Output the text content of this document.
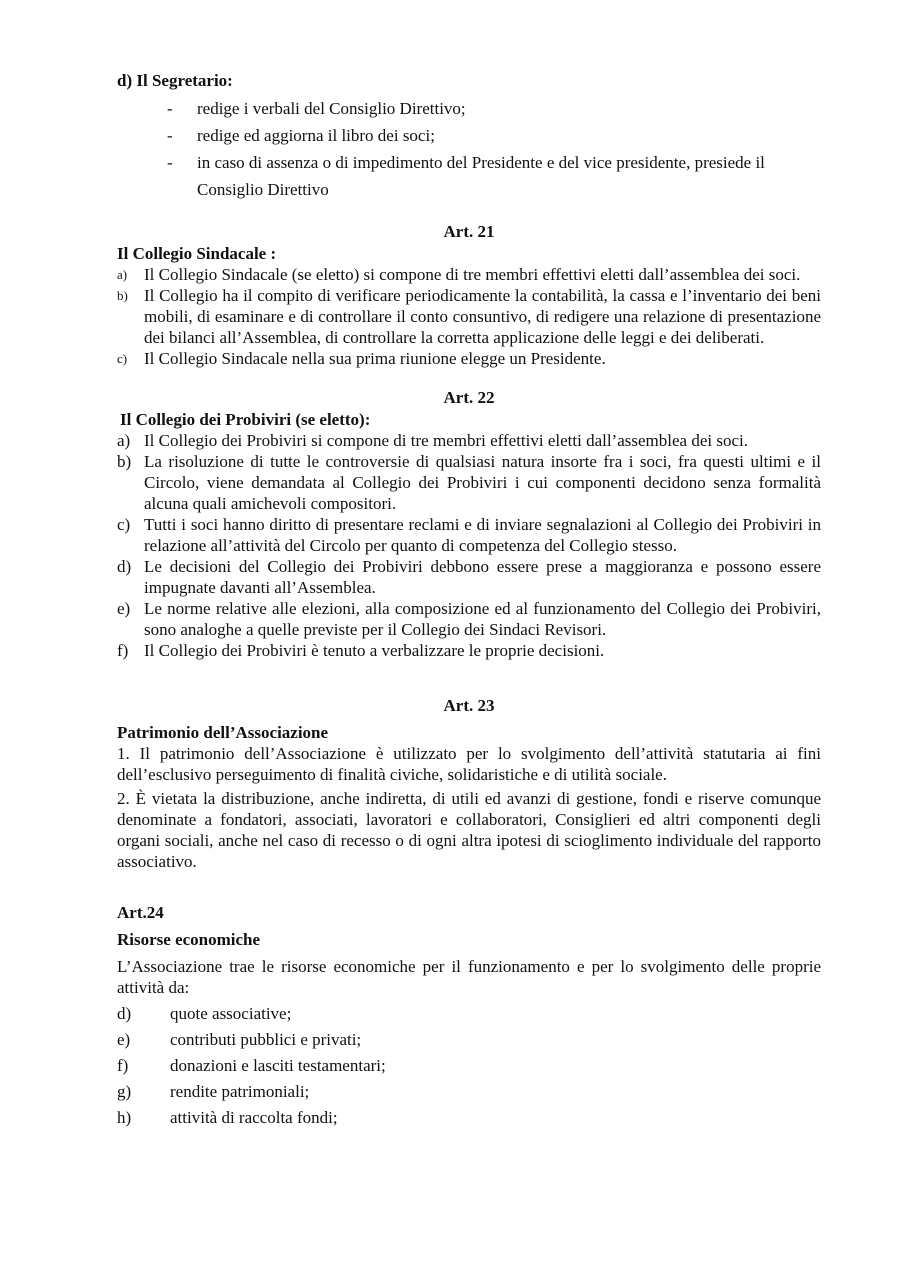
d) Il Segretario:

- redige i verbali del Consiglio Direttivo;
- redige ed aggiorna il libro dei soci;
- in caso di assenza o di impedimento del Presidente e del vice presidente, presiede il Consiglio Direttivo

Art. 21

Il Collegio Sindacale :

a) Il Collegio Sindacale (se eletto) si compone di tre membri effettivi eletti dall’assemblea dei soci.
b) Il Collegio ha il compito di verificare periodicamente la contabilità, la cassa e l’inventario dei beni mobili, di esaminare e di controllare il conto consuntivo, di redigere una relazione di presentazione dei bilanci all’Assemblea, di controllare la corretta applicazione delle leggi e dei deliberati.
c) Il Collegio Sindacale nella sua prima riunione elegge un Presidente.

Art. 22

Il Collegio dei Probiviri (se eletto):

a) Il Collegio dei Probiviri si compone di tre membri effettivi eletti dall’assemblea dei soci.
b) La risoluzione di tutte le controversie di qualsiasi natura insorte fra i soci, fra questi ultimi e il Circolo, viene demandata al Collegio dei Probiviri i cui componenti decidono senza formalità alcuna quali amichevoli compositori.
c) Tutti i soci hanno diritto di presentare reclami e di inviare segnalazioni al Collegio dei Probiviri in relazione all’attività del Circolo per quanto di competenza del Collegio stesso.
d) Le decisioni del Collegio dei Probiviri debbono essere prese a maggioranza e possono essere impugnate davanti all’Assemblea.
e) Le norme relative alle elezioni, alla composizione ed al funzionamento del Collegio dei Probiviri, sono analoghe a quelle previste per il Collegio dei Sindaci Revisori.
f) Il Collegio dei Probiviri è tenuto a verbalizzare le proprie decisioni.

Art. 23

Patrimonio dell’Associazione

1. Il patrimonio dell’Associazione è utilizzato per lo svolgimento dell’attività statutaria ai fini dell’esclusivo perseguimento di finalità civiche, solidaristiche e di utilità sociale.

2. È vietata la distribuzione, anche indiretta, di utili ed avanzi di gestione, fondi e riserve comunque denominate a fondatori, associati, lavoratori e collaboratori, Consiglieri ed altri componenti degli organi sociali, anche nel caso di recesso o di ogni altra ipotesi di scioglimento individuale del rapporto associativo.

Art.24

Risorse economiche

L’Associazione trae le risorse economiche per il funzionamento e per lo svolgimento delle proprie attività da:

d) quote associative;
e) contributi pubblici e privati;
f) donazioni e lasciti testamentari;
g) rendite patrimoniali;
h) attività di raccolta fondi;
